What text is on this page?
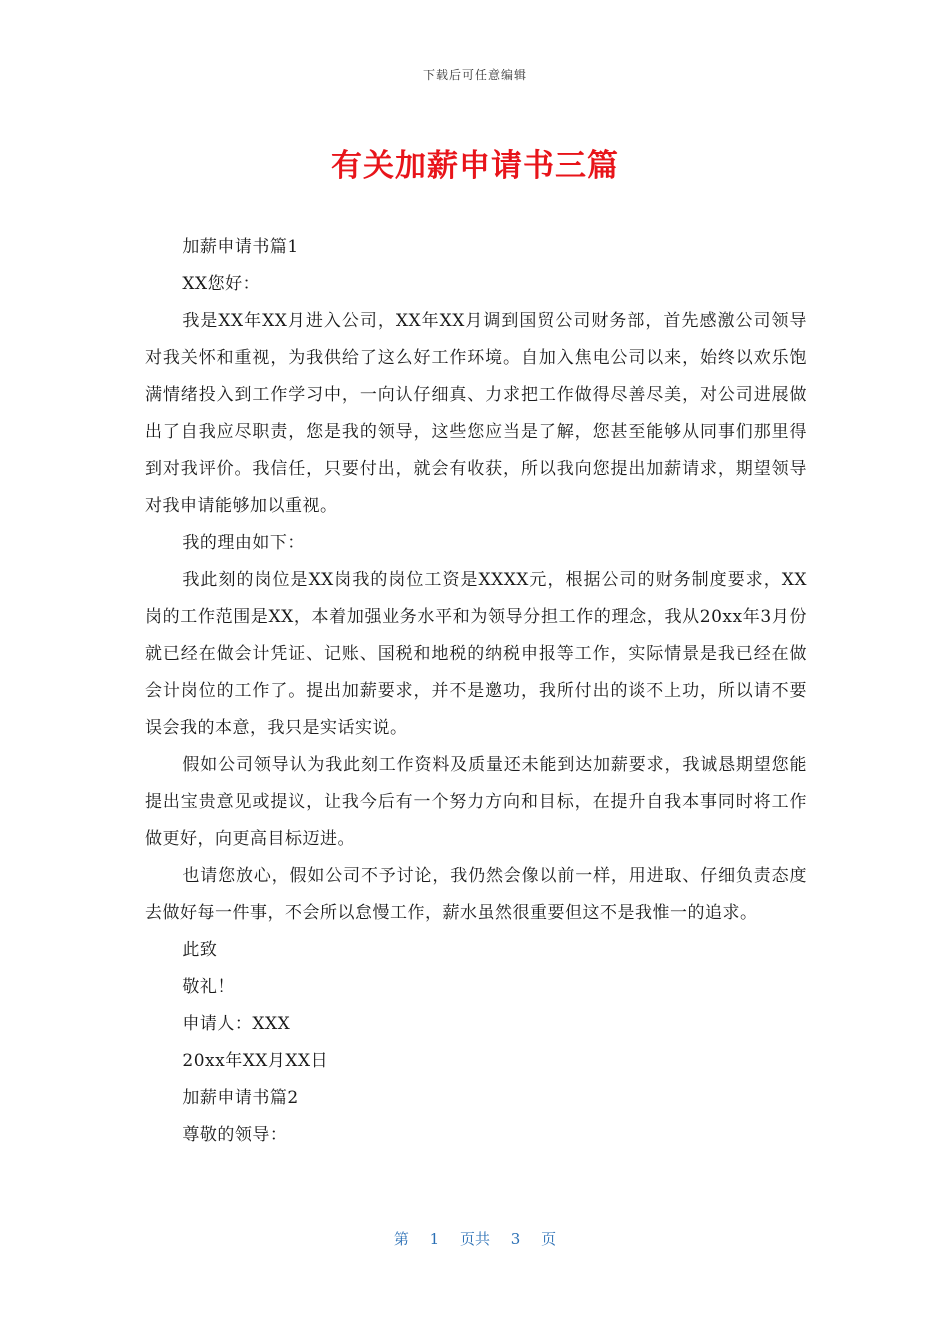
下载后可任意编辑
有关加薪申请书三篇

加薪申请书篇1

XX您好：

我是XX年XX月进入公司，XX年XX月调到国贸公司财务部，首先感激公司领导对我关怀和重视，为我供给了这么好工作环境。自加入焦电公司以来，始终以欢乐饱满情绪投入到工作学习中，一向认仔细真、力求把工作做得尽善尽美，对公司进展做出了自我应尽职责，您是我的领导，这些您应当是了解，您甚至能够从同事们那里得到对我评价。我信任，只要付出，就会有收获，所以我向您提出加薪请求，期望领导对我申请能够加以重视。

我的理由如下：

我此刻的岗位是XX岗我的岗位工资是XXXX元，根据公司的财务制度要求，XX岗的工作范围是XX，本着加强业务水平和为领导分担工作的理念，我从20xx年3月份就已经在做会计凭证、记账、国税和地税的纳税申报等工作，实际情景是我已经在做会计岗位的工作了。提出加薪要求，并不是邀功，我所付出的谈不上功，所以请不要误会我的本意，我只是实话实说。

假如公司领导认为我此刻工作资料及质量还未能到达加薪要求，我诚恳期望您能提出宝贵意见或提议，让我今后有一个努力方向和目标，在提升自我本事同时将工作做更好，向更高目标迈进。

也请您放心，假如公司不予讨论，我仍然会像以前一样，用进取、仔细负责态度去做好每一件事，不会所以怠慢工作，薪水虽然很重要但这不是我惟一的追求。

此致

敬礼！

申请人：XXX

20xx年XX月XX日

加薪申请书篇2

尊敬的领导：

第 1 页共 3 页
